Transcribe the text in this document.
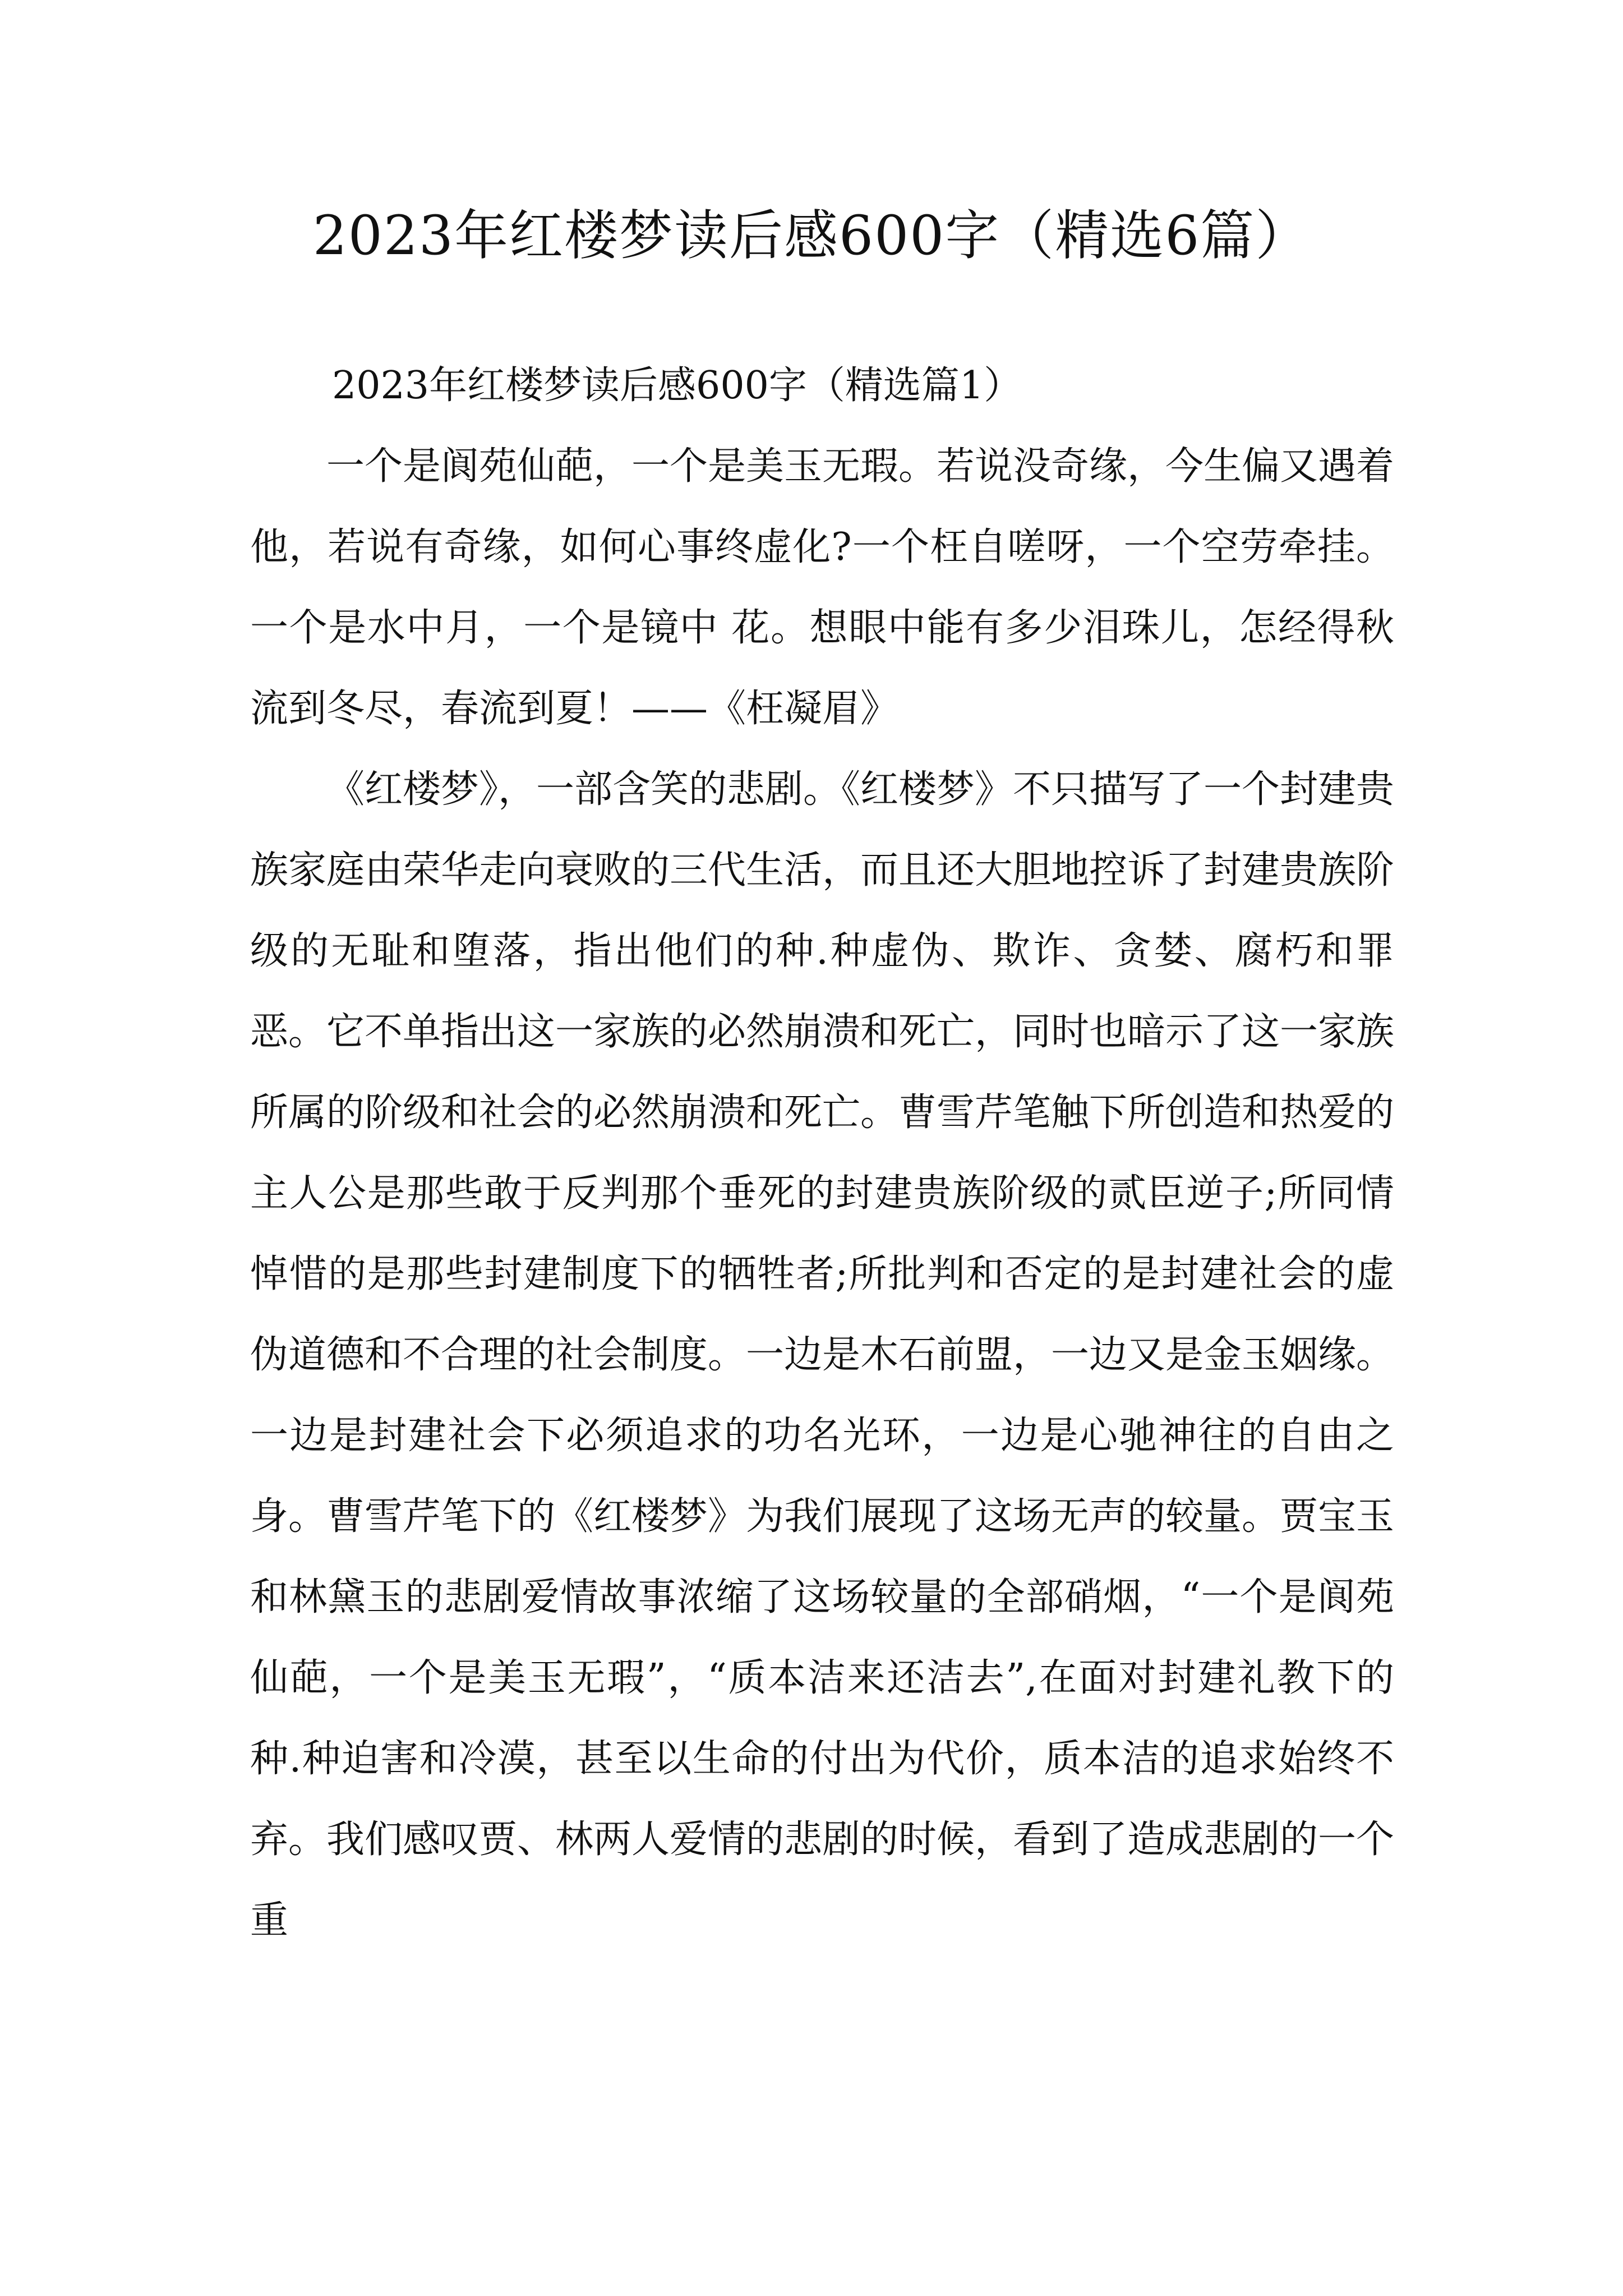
2023年红楼梦读后感600字（精选6篇）

2023年红楼梦读后感600字（精选篇1）

一个是阆苑仙葩，一个是美玉无瑕。若说没奇缘，今生偏又遇着他，若说有奇缘，如何心事终虚化?一个枉自嗟呀，一个空劳牵挂。一个是水中月，一个是镜中 花。想眼中能有多少泪珠儿，怎经得秋流到冬尽，春流到夏！——《枉凝眉》

《红楼梦》，一部含笑的悲剧。《红楼梦》不只描写了一个封建贵族家庭由荣华走向衰败的三代生活，而且还大胆地控诉了封建贵族阶级的无耻和堕落，指出他们的种.种虚伪、欺诈、贪婪、腐朽和罪恶。它不单指出这一家族的必然崩溃和死亡，同时也暗示了这一家族所属的阶级和社会的必然崩溃和死亡。曹雪芹笔触下所创造和热爱的主人公是那些敢于反判那个垂死的封建贵族阶级的贰臣逆子;所同情悼惜的是那些封建制度下的牺牲者;所批判和否定的是封建社会的虚伪道德和不合理的社会制度。一边是木石前盟，一边又是金玉姻缘。一边是封建社会下必须追求的功名光环，一边是心驰神往的自由之身。曹雪芹笔下的《红楼梦》为我们展现了这场无声的较量。贾宝玉和林黛玉的悲剧爱情故事浓缩了这场较量的全部硝烟，“一个是阆苑仙葩，一个是美玉无瑕”，“质本洁来还洁去”,在面对封建礼教下的种.种迫害和冷漠，甚至以生命的付出为代价，质本洁的追求始终不弃。我们感叹贾、林两人爱情的悲剧的时候，看到了造成悲剧的一个重
